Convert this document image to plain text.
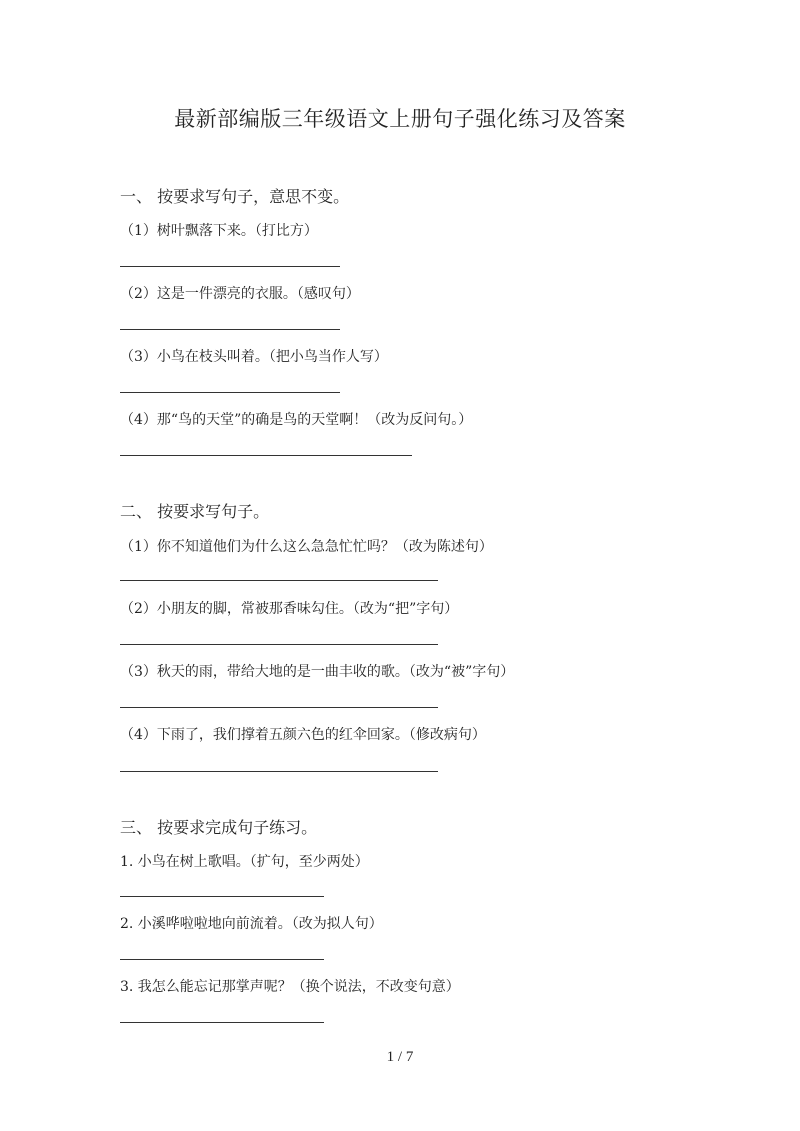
最新部编版三年级语文上册句子强化练习及答案
一、 按要求写句子，意思不变。
（1）树叶飘落下来。（打比方）
（2）这是一件漂亮的衣服。（感叹句）
（3）小鸟在枝头叫着。（把小鸟当作人写）
（4）那“鸟的天堂”的确是鸟的天堂啊！（改为反问句。）
二、 按要求写句子。
（1）你不知道他们为什么这么急急忙忙吗？（改为陈述句）
（2）小朋友的脚，常被那香味勾住。（改为“把”字句）
（3）秋天的雨，带给大地的是一曲丰收的歌。（改为“被”字句）
（4）下雨了，我们撑着五颜六色的红伞回家。（修改病句）
三、 按要求完成句子练习。
1. 小鸟在树上歌唱。（扩句，至少两处）
2. 小溪哗啦啦地向前流着。（改为拟人句）
3. 我怎么能忘记那掌声呢？（换个说法，不改变句意）
1 / 7
